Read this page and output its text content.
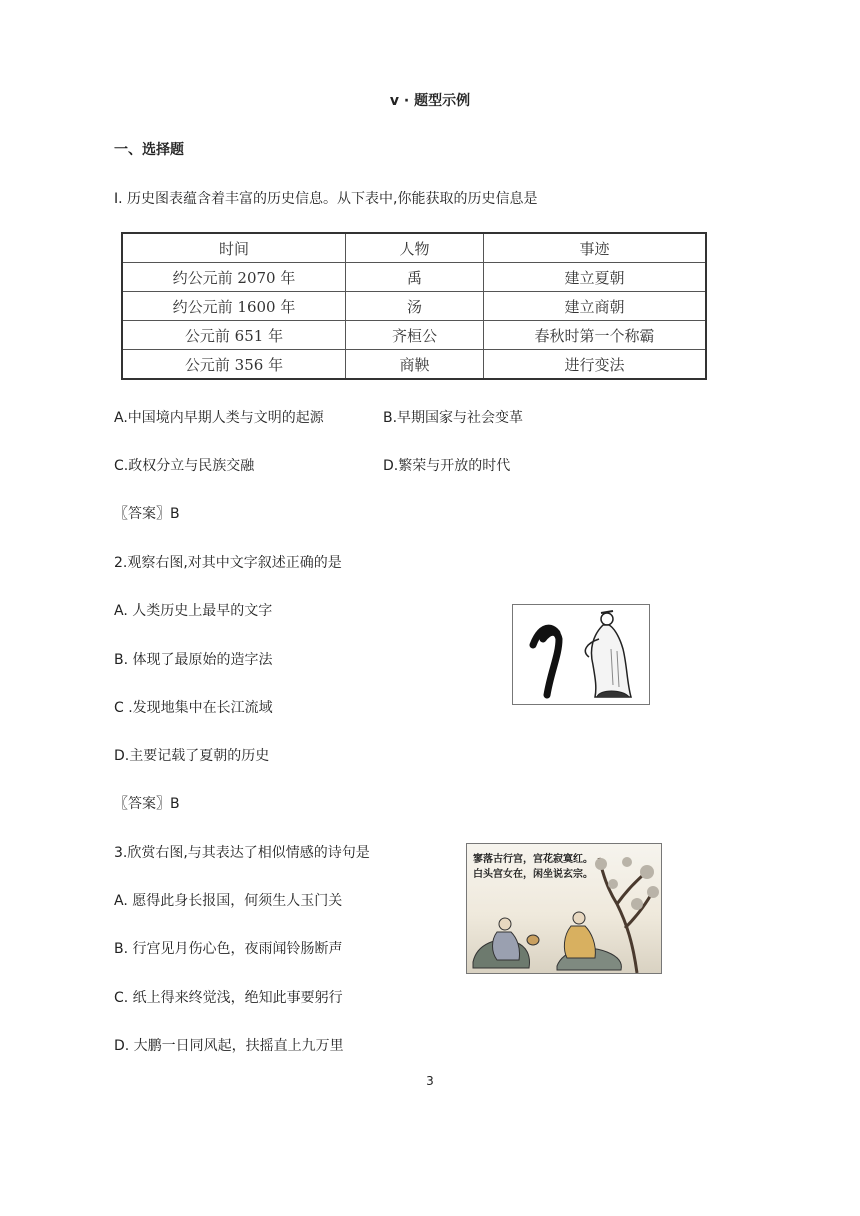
v · 题型示例
一、选择题
I. 历史图表蕴含着丰富的历史信息。从下表中,你能获取的历史信息是
时间	人物	事迹
约公元前 2070 年	禹	建立夏朝
约公元前 1600 年	汤	建立商朝
公元前 651 年	齐桓公	春秋时第一个称霸
公元前 356 年	商鞅	进行变法
A.中国境内早期人类与文明的起源	B.早期国家与社会变革
C.政权分立与民族交融	D.繁荣与开放的时代
〖答案〗B
2.观察右图,对其中文字叙述正确的是
A. 人类历史上最早的文字
B. 体现了最原始的造字法
C .发现地集中在长江流域
D.主要记载了夏朝的历史
〖答案〗B
3.欣赏右图,与其表达了相似情感的诗句是
A. 愿得此身长报国，何须生人玉门关
B. 行宫见月伤心色，夜雨闻铃肠断声
C. 纸上得来终觉浅，绝知此事要躬行
D. 大鹏一日同风起，扶摇直上九万里
寥落古行宫，宫花寂寞红。
白头宫女在，闲坐说玄宗。
3
